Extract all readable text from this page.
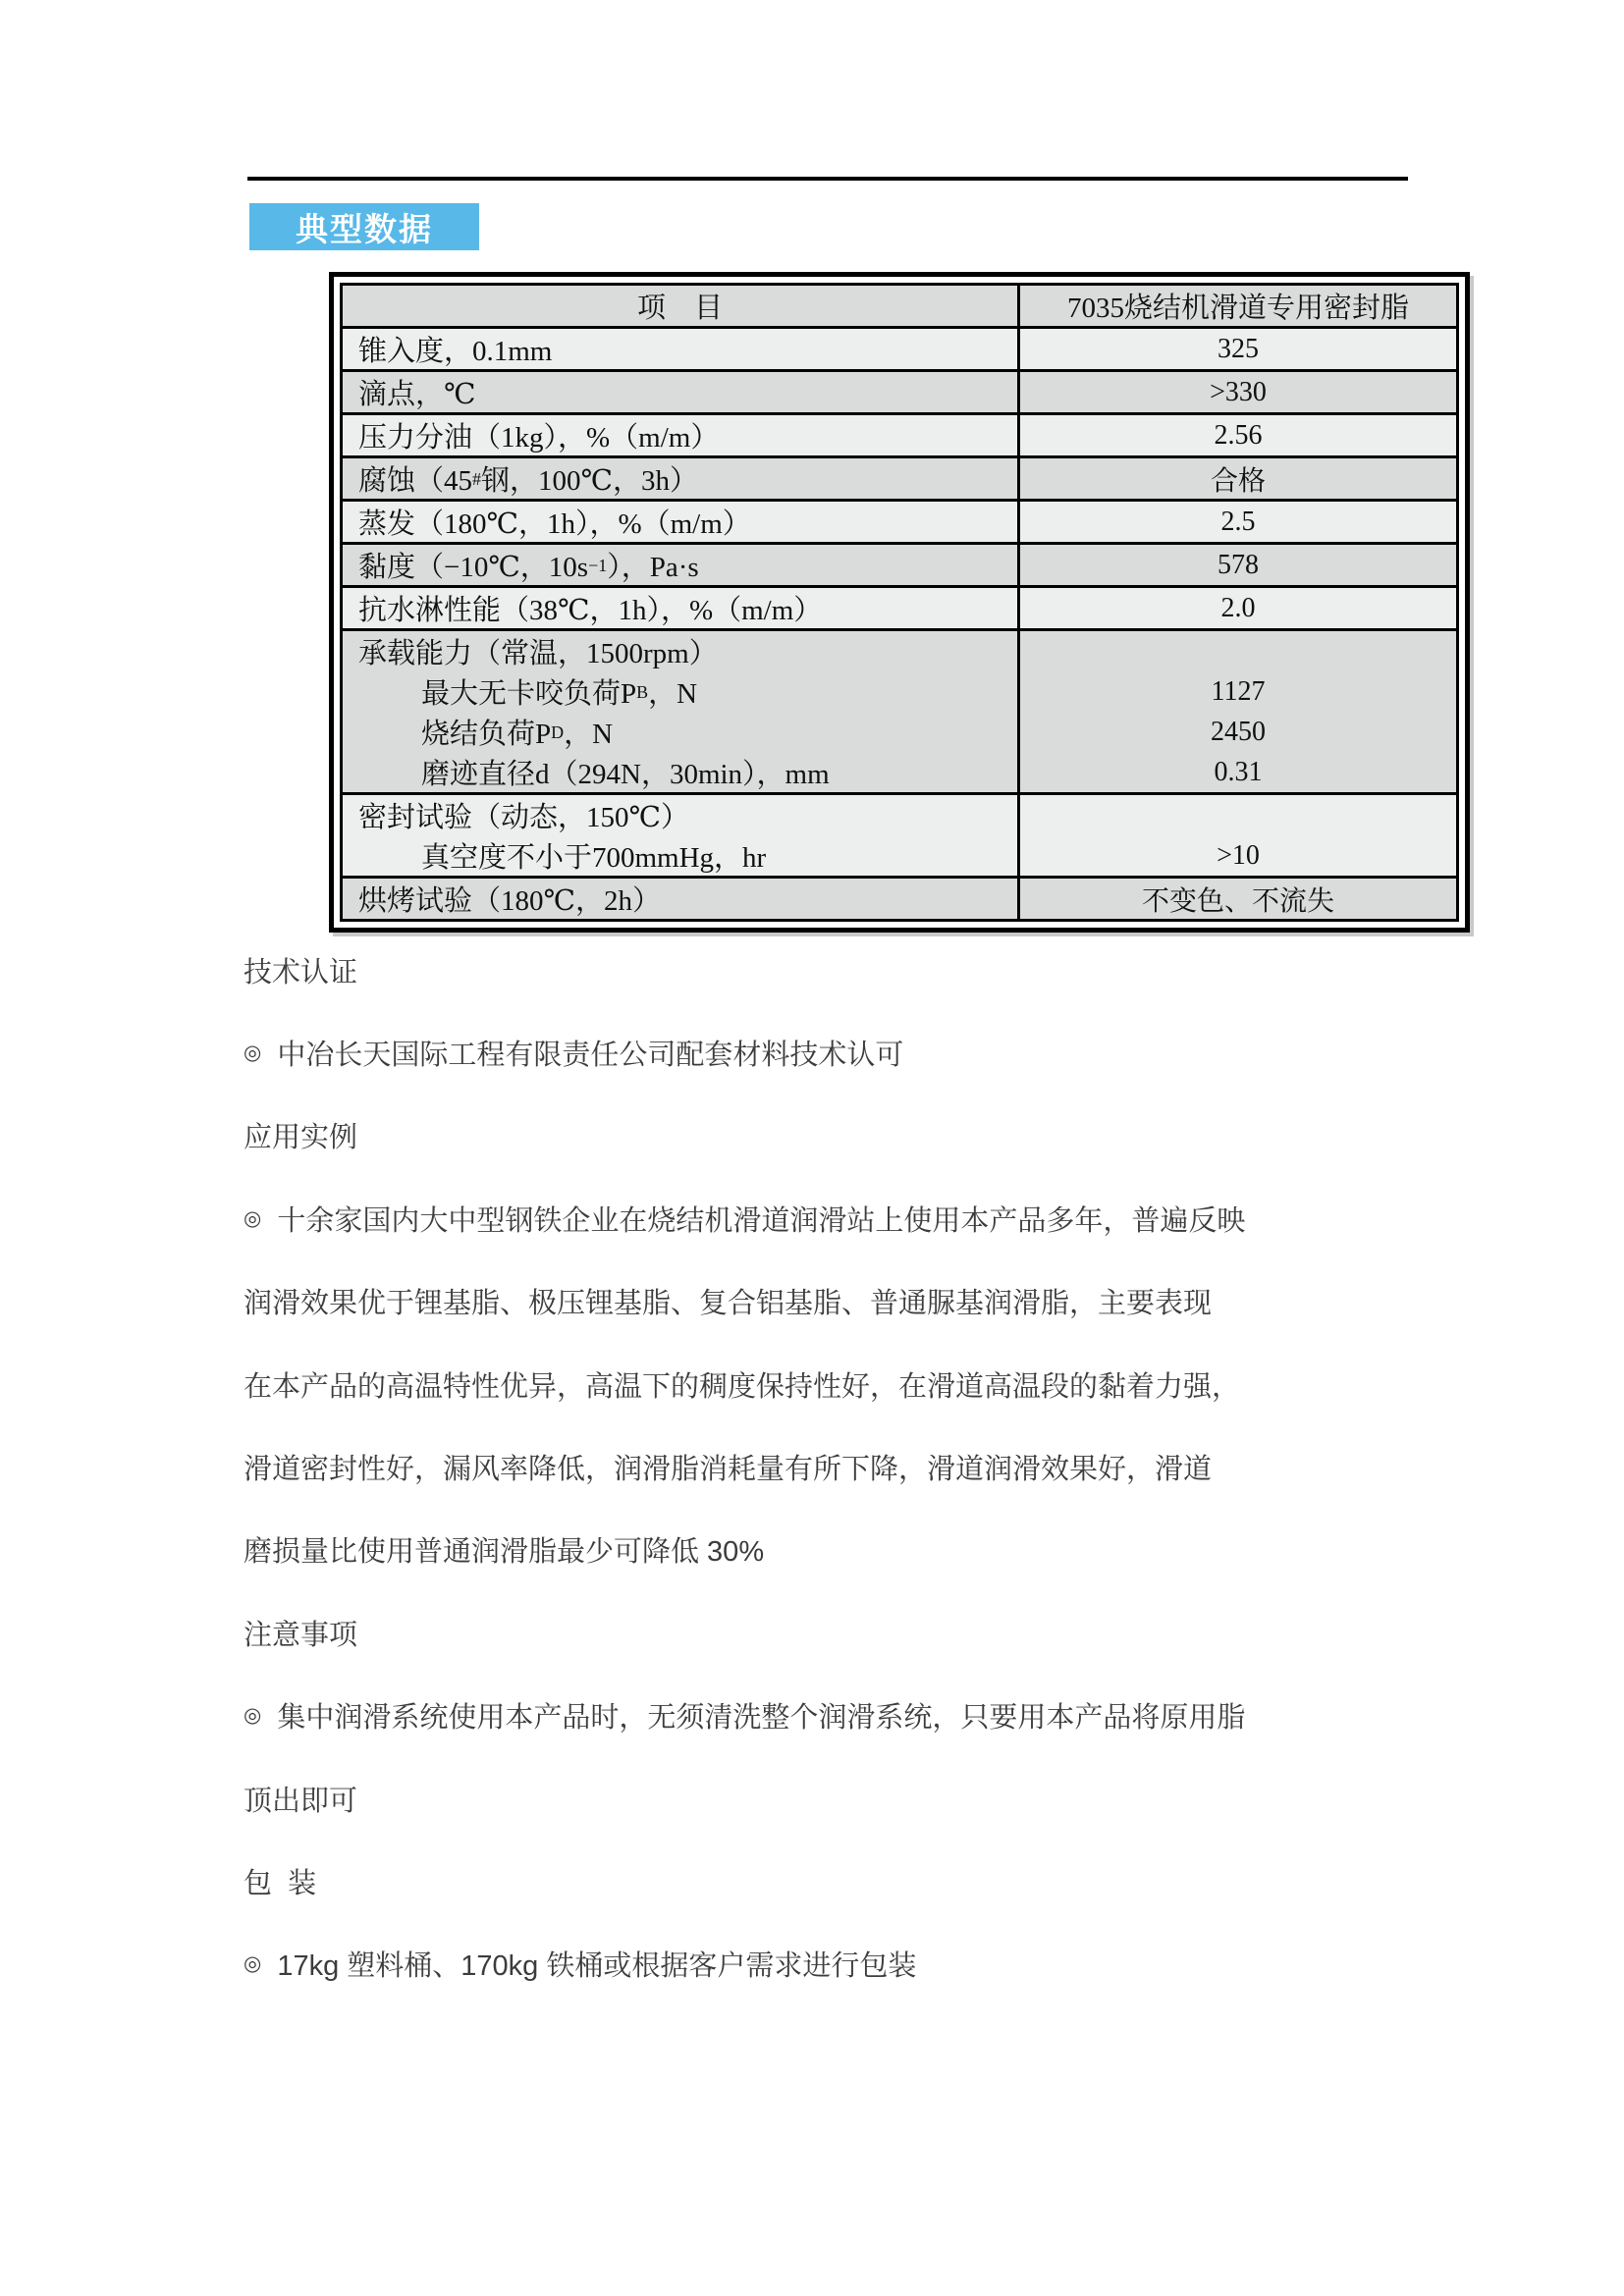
典型数据
项　目	7035烧结机滑道专用密封脂
锥入度，0.1mm	325
滴点，℃	>330
压力分油（1kg），%（m/m）	2.56
腐蚀（45 # 钢，100℃，3h）	合格
蒸发（180℃，1h），%（m/m）	2.5
黏度（−10℃，10s −1 ），Pa·s	578
抗水淋性能（38℃，1h），%（m/m）	2.0
承载能力（常温，1500rpm）
最大无卡咬负荷P B ，N	1127
烧结负荷P D ，N	2450
磨迹直径d（294N，30min），mm	0.31
密封试验（动态，150℃）
真空度不小于700mmHg，hr	>10
烘烤试验（180℃，2h）	不变色、不流失
技术认证
◎ 中冶长天国际工程有限责任公司配套材料技术认可
应用实例
◎ 十余家国内大中型钢铁企业在烧结机滑道润滑站上使用本产品多年，普遍反映
润滑效果优于锂基脂、极压锂基脂、复合铝基脂、普通脲基润滑脂，主要表现
在本产品的高温特性优异，高温下的稠度保持性好，在滑道高温段的黏着力强，
滑道密封性好，漏风率降低，润滑脂消耗量有所下降，滑道润滑效果好，滑道
磨损量比使用普通润滑脂最少可降低 30%
注意事项
◎ 集中润滑系统使用本产品时，无须清洗整个润滑系统，只要用本产品将原用脂
顶出即可
包  装
◎ 17kg 塑料桶、170kg 铁桶或根据客户需求进行包装
